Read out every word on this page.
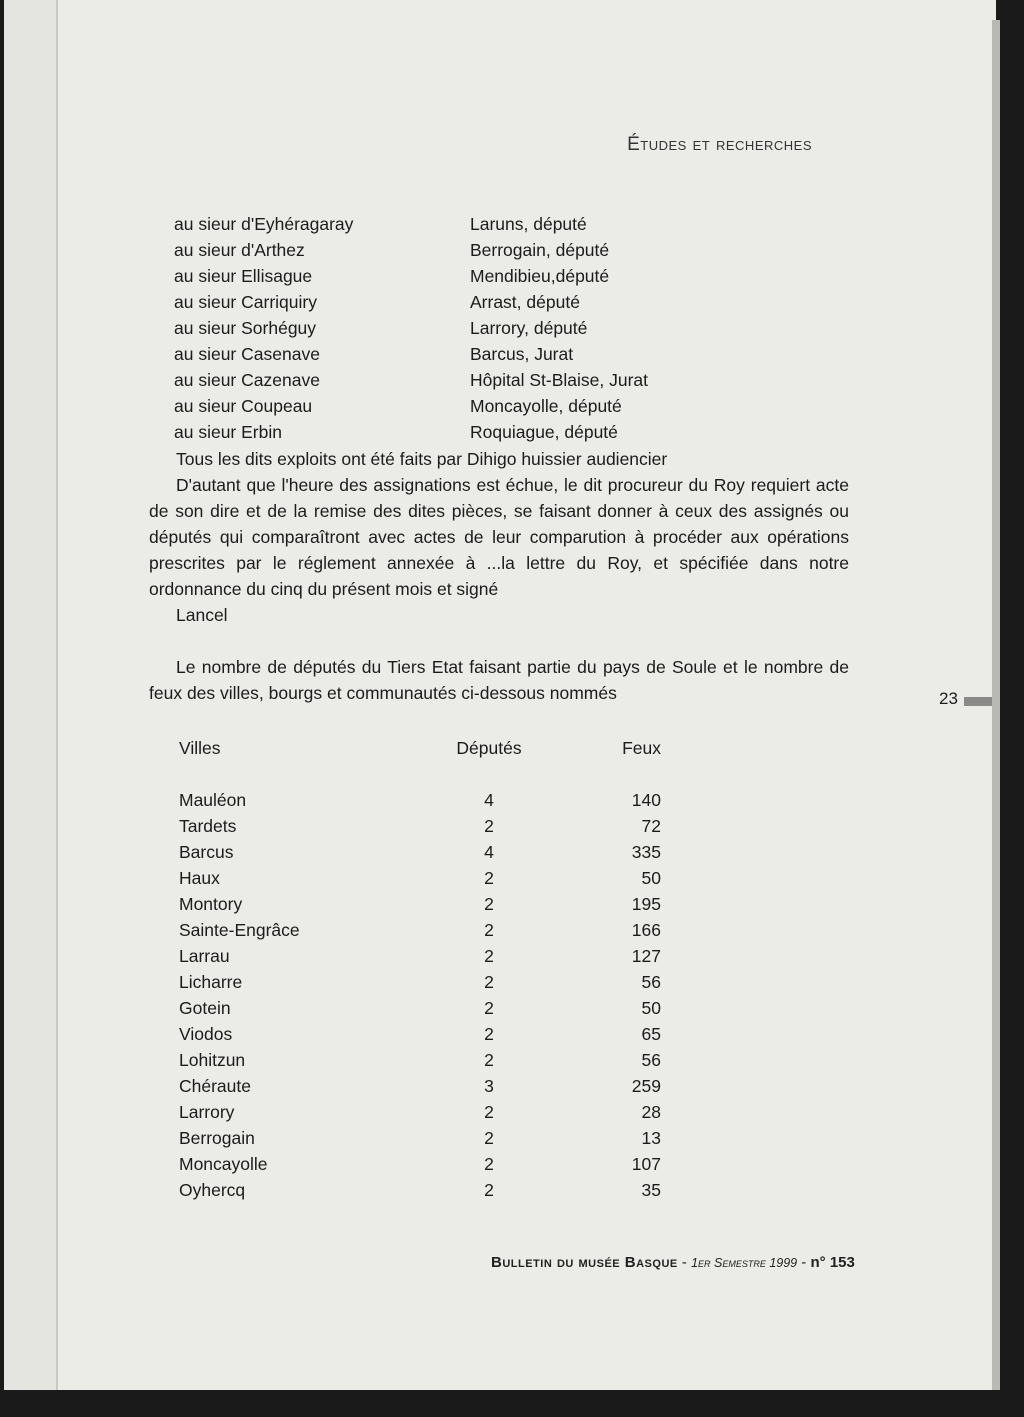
Études et recherches
au sieur d'Eyhéragaray	Laruns, député
au sieur d'Arthez	Berrogain, député
au sieur Ellisague	Mendibieu,député
au sieur Carriquiry	Arrast, député
au sieur Sorhéguy	Larrory, député
au sieur Casenave	Barcus, Jurat
au sieur Cazenave	Hôpital St-Blaise, Jurat
au sieur Coupeau	Moncayolle, député
au sieur Erbin	Roquiague, député

Tous les dits exploits ont été faits par Dihigo huissier audiencier

D'autant que l'heure des assignations est échue, le dit procureur du Roy requiert acte de son dire et de la remise des dites pièces, se faisant donner à ceux des assignés ou députés qui comparaîtront avec actes de leur comparution à procéder aux opérations prescrites par le réglement annexée à ...la lettre du Roy, et spécifiée dans notre ordonnance du cinq du présent mois et signé

Lancel

Le nombre de députés du Tiers Etat faisant partie du pays de Soule et le nombre de feux des villes, bourgs et communautés ci-dessous nommés

Villes	Députés	Feux
Mauléon	4	140
Tardets	2	72
Barcus	4	335
Haux	2	50
Montory	2	195
Sainte-Engrâce	2	166
Larrau	2	127
Licharre	2	56
Gotein	2	50
Viodos	2	65
Lohitzun	2	56
Chéraute	3	259
Larrory	2	28
Berrogain	2	13
Moncayolle	2	107
Oyhercq	2	35
Bulletin du musée Basque - 1er Semestre 1999 - n° 153
23
